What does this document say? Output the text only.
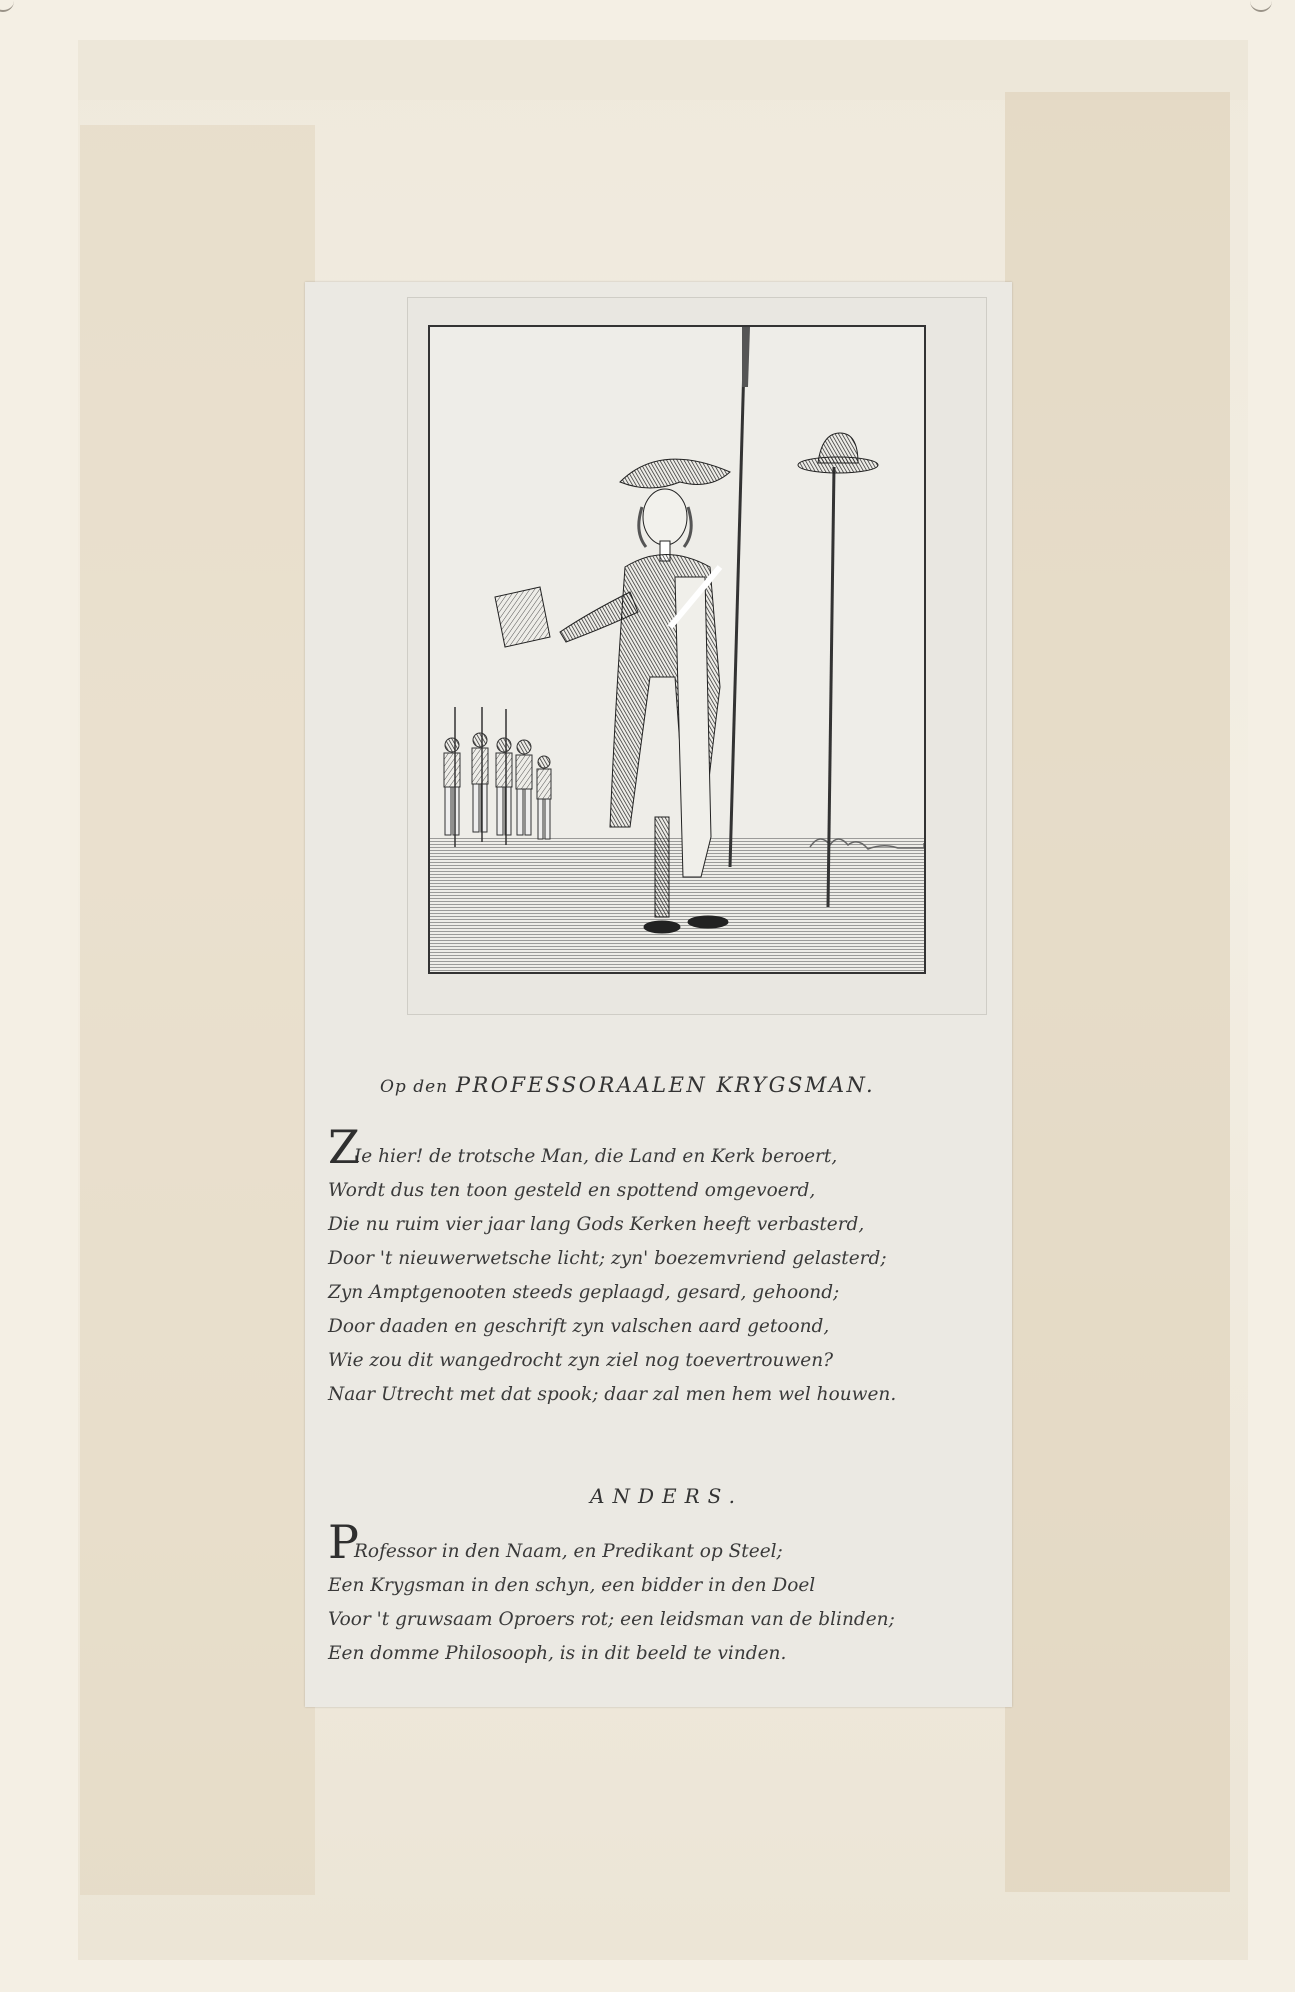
Op den PROFESSORAALEN KRYGSMAN.
Z
Ie hier! de trotsche Man, die Land en Kerk beroert,
Wordt dus ten toon gesteld en spottend omgevoerd,
Die nu ruim vier jaar lang Gods Kerken heeft verbasterd,
Door 't nieuwerwetsche licht; zyn' boezemvriend gelasterd;
Zyn Amptgenooten steeds geplaagd, gesard, gehoond;
Door daaden en geschrift zyn valschen aard getoond,
Wie zou dit wangedrocht zyn ziel nog toevertrouwen?
Naar Utrecht met dat spook; daar zal men hem wel houwen.
ANDERS.
P
Rofessor in den Naam, en Predikant op Steel;
Een Krygsman in den schyn, een bidder in den Doel
Voor 't gruwsaam Oproers rot; een leidsman van de blinden;
Een domme Philosooph, is in dit beeld te vinden.
